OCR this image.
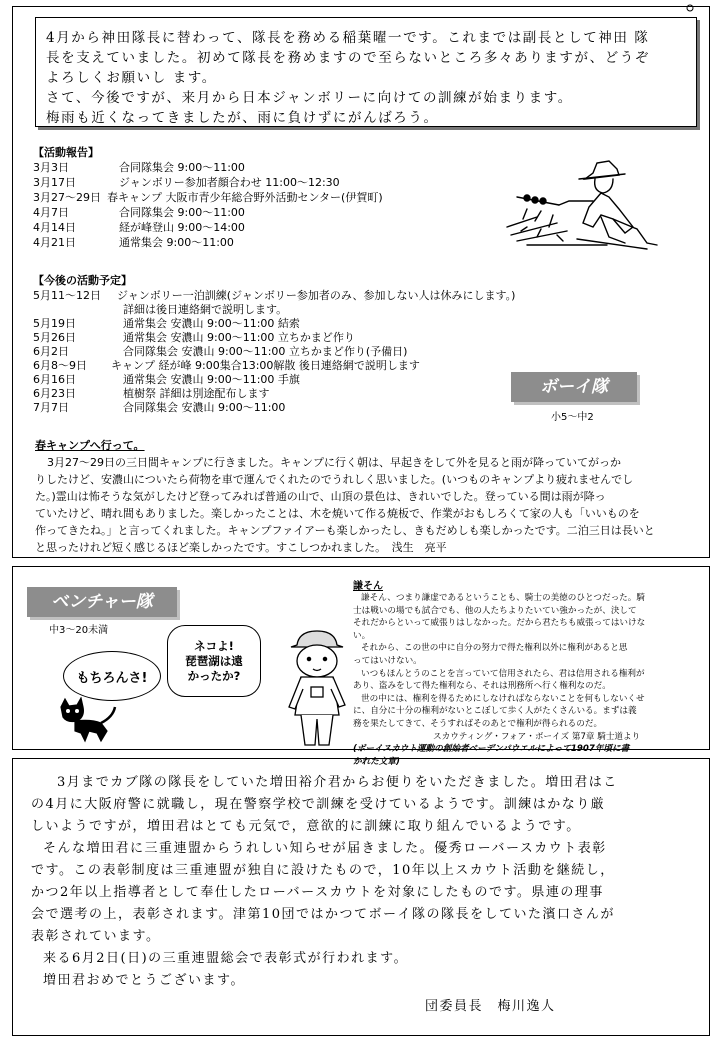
4月から神田隊長に替わって、隊長を務める稲葉曜一です。これまでは副長として神田 隊

長を支えていました。初めて隊長を務めますので至らないところ多々ありますが、どうぞ

よろしくお願いし ます。

さて、今後ですが、来月から日本ジャンボリーに向けての訓練が始まります。

梅雨も近くなってきましたが、雨に負けずにがんばろう。

【活動報告】
3月3日	合同隊集会 9:00～11:00
3月17日	ジャンボリー参加者顔合わせ 11:00～12:30
3月27～29日 春キャンプ 大阪市青少年総合野外活動センター(伊賀町)
4月7日	合同隊集会 9:00～11:00
4月14日	経が峰登山 9:00～14:00
4月21日	通常集会 9:00～11:00
【今後の活動予定】
5月11～12日 ジャンボリー一泊訓練(ジャンボリー参加者のみ、参加しない人は休みにします。)
詳細は後日連絡網で説明します。
5月19日	通常集会 安濃山 9:00～11:00 結索
5月26日	通常集会 安濃山 9:00～11:00 立ちかまど作り
6月2日	合同隊集会 安濃山 9:00～11:00 立ちかまど作り(予備日)
6月8～9日 キャンプ 経が峰 9:00集合13:00解散 後日連絡網で説明します
6月16日	通常集会 安濃山 9:00～11:00 手旗
6月23日	植樹祭 詳細は別途配布します
7月7日	合同隊集会 安濃山 9:00～11:00
ボーイ隊
小5～中2
春キャンプへ行って。
3月27～29日の三日間キャンプに行きました。キャンプに行く朝は、早起きをして外を見ると雨が降っていてがっか
りしたけど、安濃山についたら荷物を車で運んでくれたのでうれしく思いました。(いつものキャンプより疲れませんでし
た。)霊山は怖そうな気がしたけど登ってみれば普通の山で、山頂の景色は、きれいでした。登っている間は雨が降っ
ていたけど、晴れ間もありました。楽しかったことは、木を焼いて作る焼板で、作業がおもしろくて家の人も「いいものを
作ってきたね。」と言ってくれました。キャンプファイアーも楽しかったし、きもだめしも楽しかったです。二泊三日は長いと
と思ったけれど短く感じるほど楽しかったです。すこしつかれました。　浅生　亮平
ベンチャー隊
中3～20未満
もちろんさ!
ネコよ!
琵琶湖は遠
かったか?
謙そん
謙そん、つまり謙虚であるということも、騎士の美徳のひとつだった。騎
士は戦いの場でも試合でも、他の人たちよりたいてい強かったが、決して
それだからといって威張りはしなかった。だから君たちも威張ってはいけな
い。
それから、この世の中に自分の努力で得た権利以外に権利があると思
ってはいけない。
いつもほんとうのことを言っていて信用されたら、君は信用される権利が
あり、盗みをして得た権利なら、それは刑務所へ行く権利なのだ。
世の中には、権利を得るためにしなければならないことを何もしないくせ
に、自分に十分の権利がないとこぼして歩く人がたくさんいる。まずは義
務を果たしてきて、そうすればそのあとで権利が得られるのだ。
スカウティング・フォア・ボーイズ 第7章 騎士道より
(ボーイスカウト運動の創始者ベーデンパウエルによって1907年頃に書
かれた文章)

3月までカブ隊の隊長をしていた増田裕介君からお便りをいただきました。増田君はこ

の4月に大阪府警に就職し，現在警察学校で訓練を受けているようです。訓練はかなり厳

しいようですが，増田君はとても元気で，意欲的に訓練に取り組んでいるようです。

そんな増田君に三重連盟からうれしい知らせが届きました。優秀ローバースカウト表彰

です。この表彰制度は三重連盟が独自に設けたもので，10年以上スカウト活動を継続し，

かつ2年以上指導者として奉仕したローバースカウトを対象にしたものです。県連の理事

会で選考の上，表彰されます。津第10団ではかつてボーイ隊の隊長をしていた濱口さんが

表彰されています。

来る6月2日(日)の三重連盟総会で表彰式が行われます。

増田君おめでとうございます。

団委員長　梅川逸人
